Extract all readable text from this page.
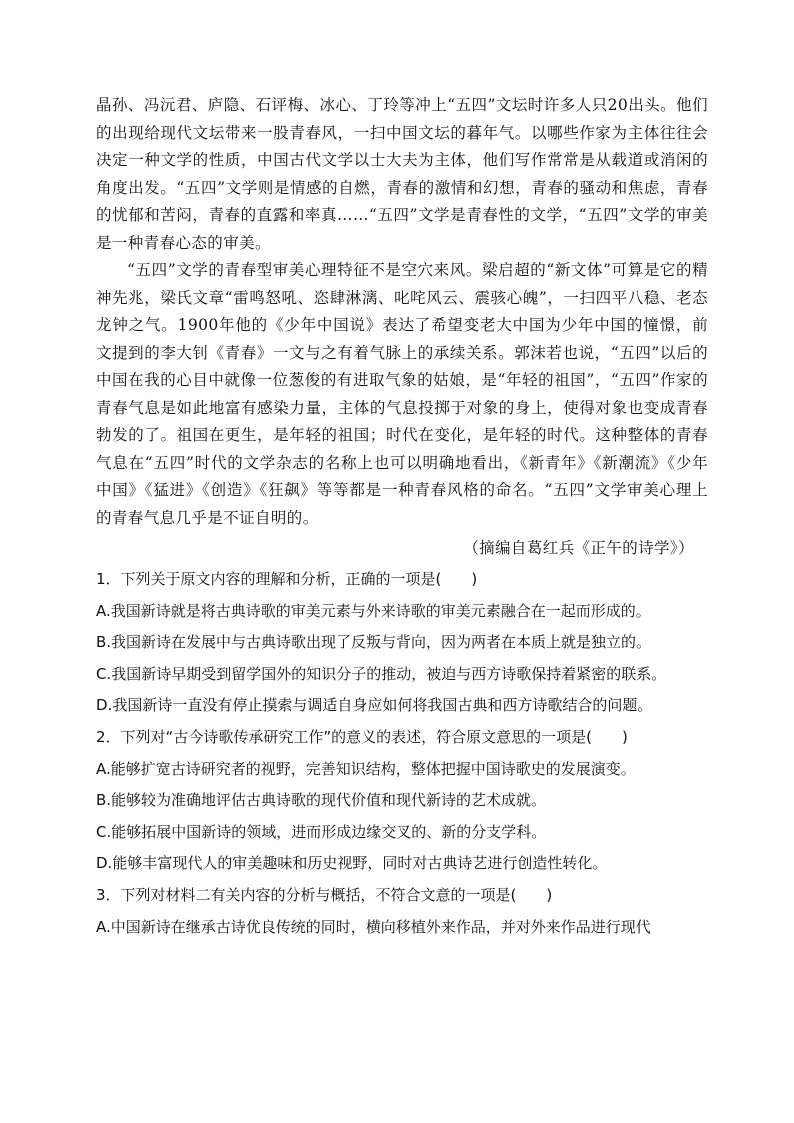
晶孙、冯沅君、庐隐、石评梅、冰心、丁玲等冲上“五四”文坛时许多人只20出头。他们的出现给现代文坛带来一股青春风，一扫中国文坛的暮年气。以哪些作家为主体往往会决定一种文学的性质，中国古代文学以士大夫为主体，他们写作常常是从载道或消闲的角度出发。“五四”文学则是情感的自燃，青春的激情和幻想，青春的骚动和焦虑，青春的忧郁和苦闷，青春的直露和率真……“五四”文学是青春性的文学，“五四”文学的审美是一种青春心态的审美。

“五四”文学的青春型审美心理特征不是空穴来风。梁启超的“新文体”可算是它的精神先兆，梁氏文章“雷鸣怒吼、恣肆淋漓、叱咤风云、震骇心魄”，一扫四平八稳、老态龙钟之气。1900年他的《少年中国说》表达了希望变老大中国为少年中国的憧憬，前文提到的李大钊《青春》一文与之有着气脉上的承续关系。郭沫若也说，“五四”以后的中国在我的心目中就像一位葱俊的有进取气象的姑娘，是“年轻的祖国”，“五四”作家的青春气息是如此地富有感染力量，主体的气息投掷于对象的身上，使得对象也变成青春勃发的了。祖国在更生，是年轻的祖国；时代在变化，是年轻的时代。这种整体的青春气息在“五四”时代的文学杂志的名称上也可以明确地看出，《新青年》《新潮流》《少年中国》《猛进》《创造》《狂飙》等等都是一种青春风格的命名。“五四”文学审美心理上的青春气息几乎是不证自明的。

（摘编自葛红兵《正午的诗学》）

1．下列关于原文内容的理解和分析，正确的一项是(　　)

A.我国新诗就是将古典诗歌的审美元素与外来诗歌的审美元素融合在一起而形成的。

B.我国新诗在发展中与古典诗歌出现了反叛与背向，因为两者在本质上就是独立的。

C.我国新诗早期受到留学国外的知识分子的推动，被迫与西方诗歌保持着紧密的联系。

D.我国新诗一直没有停止摸索与调适自身应如何将我国古典和西方诗歌结合的问题。

2．下列对“古今诗歌传承研究工作”的意义的表述，符合原文意思的一项是(　　)

A.能够扩宽古诗研究者的视野，完善知识结构，整体把握中国诗歌史的发展演变。

B.能够较为准确地评估古典诗歌的现代价值和现代新诗的艺术成就。

C.能够拓展中国新诗的领域，进而形成边缘交叉的、新的分支学科。

D.能够丰富现代人的审美趣味和历史视野，同时对古典诗艺进行创造性转化。

3．下列对材料二有关内容的分析与概括，不符合文意的一项是(　　)

A.中国新诗在继承古诗优良传统的同时，横向移植外来作品，并对外来作品进行现代
